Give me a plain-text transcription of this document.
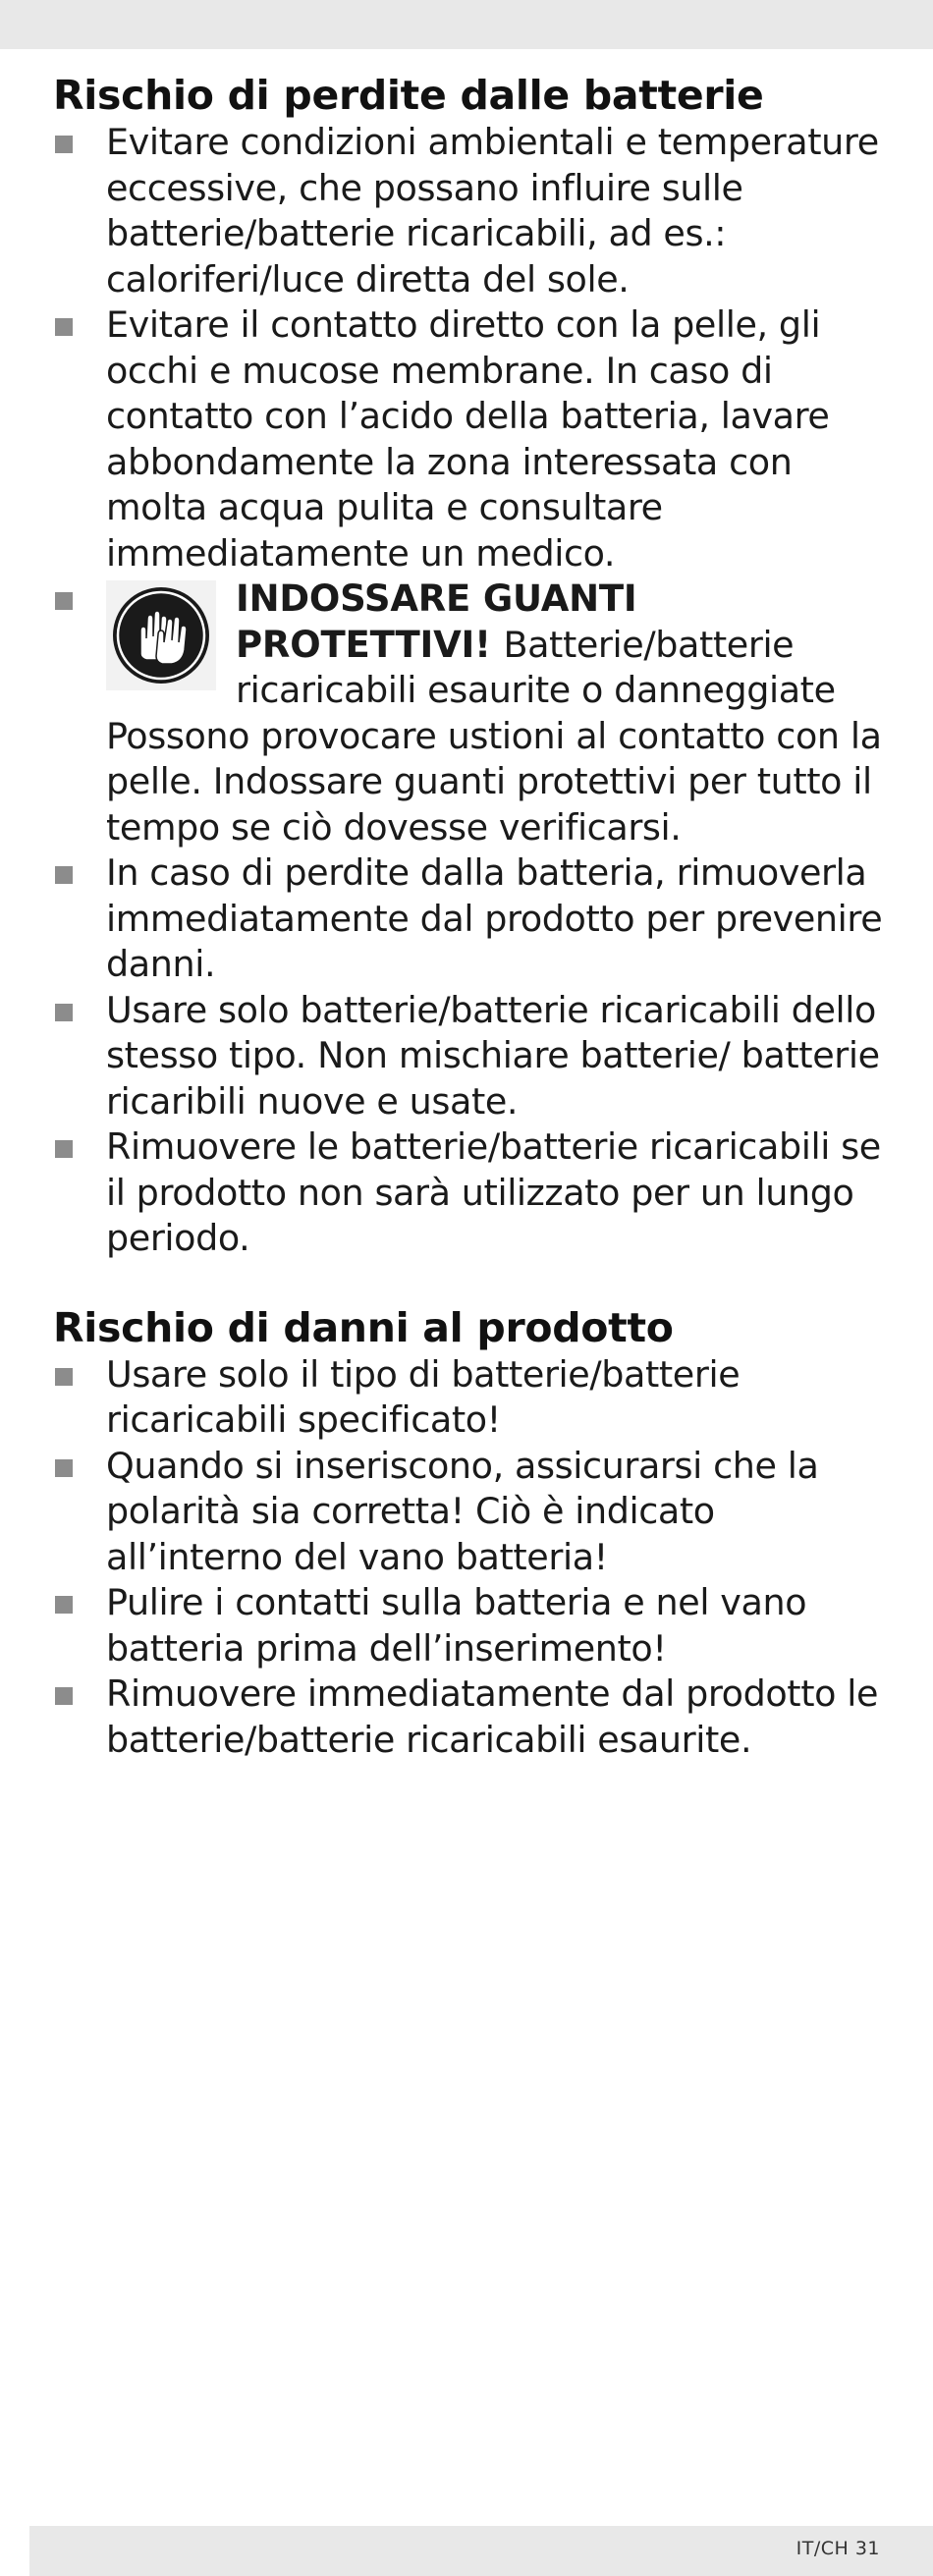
Rischio di perdite dalle batterie
Evitare condizioni ambientali e temperature eccessive, che possano influire sulle batterie/batterie ricaricabili, ad es.: caloriferi/luce diretta del sole.
Evitare il contatto diretto con la pelle, gli occhi e mucose membrane. In caso di contatto con l’acido della batteria, lavare abbondamente la zona interessata con molta acqua pulita e consultare immediatamente un medico.
INDOSSARE GUANTI PROTETTIVI! Batterie/batterie ricaricabili esaurite o danneggiate Possono provocare ustioni al contatto con la pelle. Indossare guanti protettivi per tutto il tempo se ciò dovesse verificarsi.
In caso di perdite dalla batteria, rimuoverla immediatamente dal prodotto per prevenire danni.
Usare solo batterie/batterie ricaricabili dello stesso tipo. Non mischiare batterie/ batterie ricaribili nuove e usate.
Rimuovere le batterie/batterie ricaricabili se il prodotto non sarà utilizzato per un lungo periodo.
Rischio di danni al prodotto
Usare solo il tipo di batterie/batterie ricaricabili specificato!
Quando si inseriscono, assicurarsi che la polarità sia corretta! Ciò è indicato all’interno del vano batteria!
Pulire i contatti sulla batteria e nel vano batteria prima dell’inserimento!
Rimuovere immediatamente dal prodotto le batterie/batterie ricaricabili esaurite.
IT/CH 31
